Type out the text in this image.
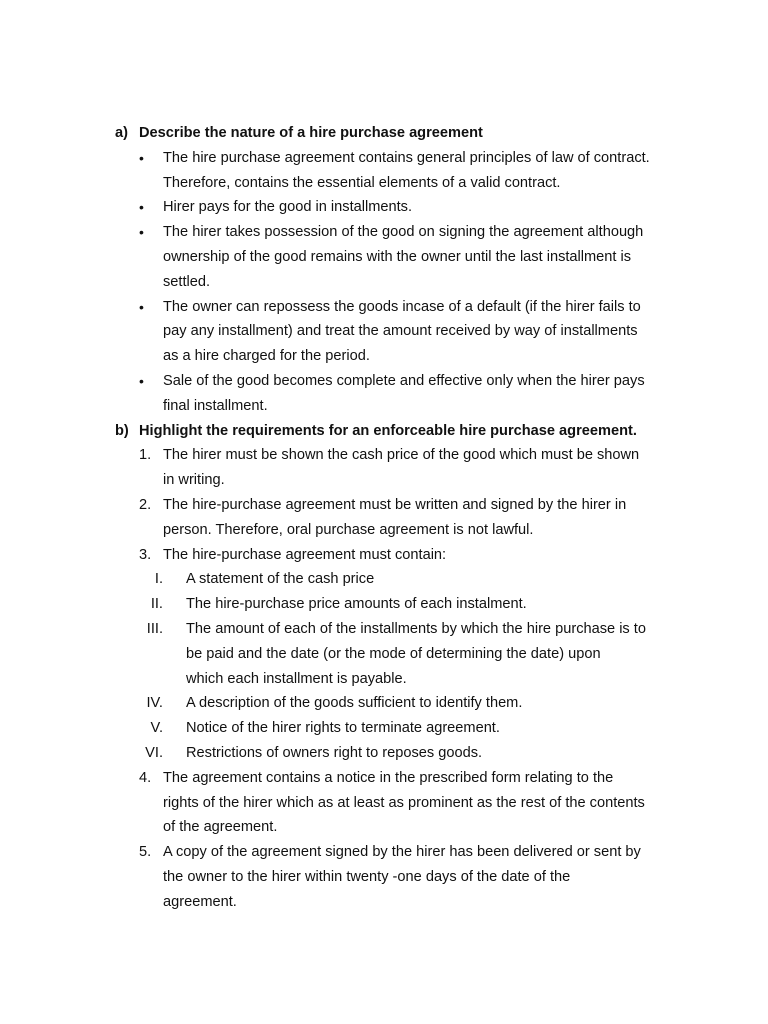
a) Describe the nature of a hire purchase agreement
• The hire purchase agreement contains general principles of law of contract.
Therefore, contains the essential elements of a valid contract.
• Hirer pays for the good in installments.
• The hirer takes possession of the good on signing the agreement although
ownership of the good remains with the owner until the last installment is
settled.
• The owner can repossess the goods incase of a default (if the hirer fails to
pay any installment) and treat the amount received by way of installments
as a hire charged for the period.
• Sale of the good becomes complete and effective only when the hirer pays
final installment.
b) Highlight the requirements for an enforceable hire purchase agreement.
1. The hirer must be shown the cash price of the good which must be shown
in writing.
2. The hire-purchase agreement must be written and signed by the hirer in
person. Therefore, oral purchase agreement is not lawful.
3. The hire-purchase agreement must contain:
I. A statement of the cash price
II. The hire-purchase price amounts of each instalment.
III. The amount of each of the installments by which the hire purchase is to
be paid and the date (or the mode of determining the date) upon
which each installment is payable.
IV. A description of the goods sufficient to identify them.
V. Notice of the hirer rights to terminate agreement.
VI. Restrictions of owners right to reposes goods.
4. The agreement contains a notice in the prescribed form relating to the
rights of the hirer which as at least as prominent as the rest of the contents
of the agreement.
5. A copy of the agreement signed by the hirer has been delivered or sent by
the owner to the hirer within twenty -one days of the date of the
agreement.
